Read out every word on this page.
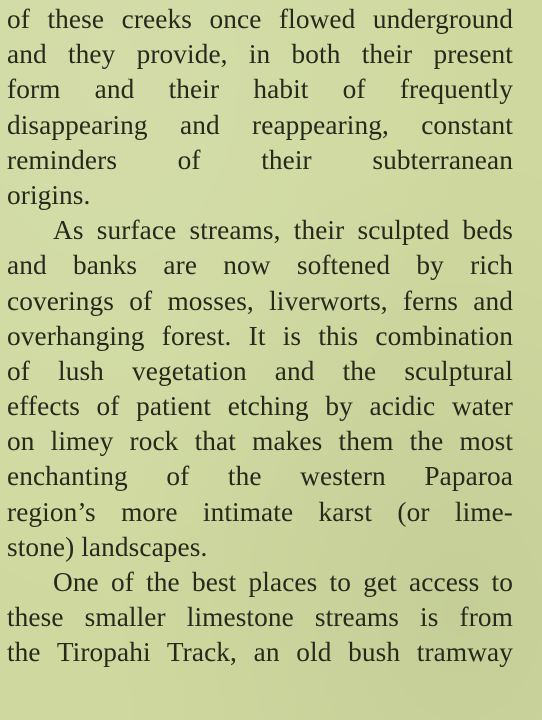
of these creeks once flowed underground
and they provide, in both their present
form and their habit of frequently
disappearing and reappearing, constant
reminders of their subterranean
origins.
As surface streams, their sculpted beds
and banks are now softened by rich
coverings of mosses, liverworts, ferns and
overhanging forest. It is this combination
of lush vegetation and the sculptural
effects of patient etching by acidic water
on limey rock that makes them the most
enchanting of the western Paparoa
region’s more intimate karst (or lime-
stone) landscapes.
One of the best places to get access to
these smaller limestone streams is from
the Tiropahi Track, an old bush tramway
